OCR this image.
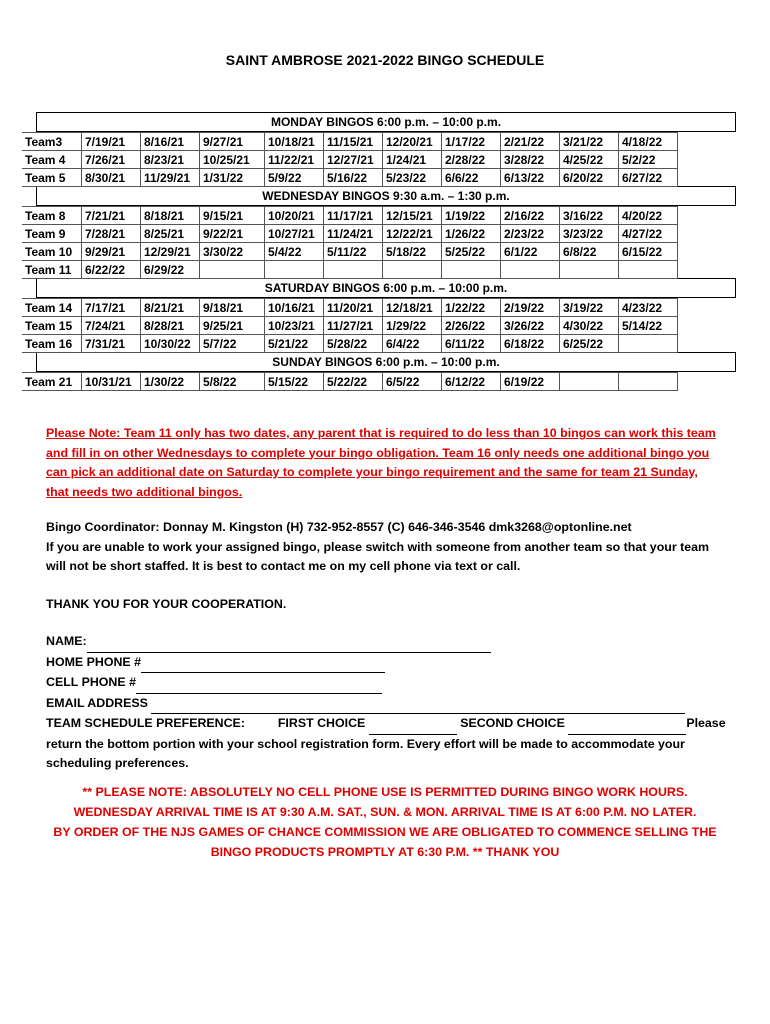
SAINT AMBROSE 2021-2022 BINGO SCHEDULE
MONDAY BINGOS 6:00 p.m. – 10:00 p.m.
Team3	7/19/21	8/16/21	9/27/21	10/18/21	11/15/21	12/20/21	1/17/22	2/21/22	3/21/22	4/18/22
Team 4	7/26/21	8/23/21	10/25/21	11/22/21	12/27/21	1/24/21	2/28/22	3/28/22	4/25/22	5/2/22
Team 5	8/30/21	11/29/21	1/31/22	5/9/22	5/16/22	5/23/22	6/6/22	6/13/22	6/20/22	6/27/22
WEDNESDAY BINGOS 9:30 a.m. – 1:30 p.m.
Team 8	7/21/21	8/18/21	9/15/21	10/20/21	11/17/21	12/15/21	1/19/22	2/16/22	3/16/22	4/20/22
Team 9	7/28/21	8/25/21	9/22/21	10/27/21	11/24/21	12/22/21	1/26/22	2/23/22	3/23/22	4/27/22
Team 10	9/29/21	12/29/21	3/30/22	5/4/22	5/11/22	5/18/22	5/25/22	6/1/22	6/8/22	6/15/22
Team 11	6/22/22	6/29/22
SATURDAY BINGOS 6:00 p.m. – 10:00 p.m.
Team 14	7/17/21	8/21/21	9/18/21	10/16/21	11/20/21	12/18/21	1/22/22	2/19/22	3/19/22	4/23/22
Team 15	7/24/21	8/28/21	9/25/21	10/23/21	11/27/21	1/29/22	2/26/22	3/26/22	4/30/22	5/14/22
Team 16	7/31/21	10/30/22	5/7/22	5/21/22	5/28/22	6/4/22	6/11/22	6/18/22	6/25/22
SUNDAY BINGOS 6:00 p.m. – 10:00 p.m.
Team 21	10/31/21	1/30/22	5/8/22	5/15/22	5/22/22	6/5/22	6/12/22	6/19/22
Please Note: Team 11 only has two dates, any parent that is required to do less than 10 bingos can work this team and fill in on other Wednesdays to complete your bingo obligation. Team 16 only needs one additional bingo you can pick an additional date on Saturday to complete your bingo requirement and the same for team 21 Sunday, that needs two additional bingos.
Bingo Coordinator: Donnay M. Kingston (H) 732-952-8557 (C) 646-346-3546 dmk3268@optonline.net
If you are unable to work your assigned bingo, please switch with someone from another team so that your team will not be short staffed. It is best to contact me on my cell phone via text or call.
THANK YOU FOR YOUR COOPERATION.
NAME:
HOME PHONE #
CELL PHONE #
EMAIL ADDRESS
TEAM SCHEDULE PREFERENCE:	FIRST CHOICE	SECOND CHOICE	Please return the bottom portion with your school registration form. Every effort will be made to accommodate your scheduling preferences.
** PLEASE NOTE: ABSOLUTELY NO CELL PHONE USE IS PERMITTED DURING BINGO WORK HOURS.
WEDNESDAY ARRIVAL TIME IS AT 9:30 A.M. SAT., SUN. & MON. ARRIVAL TIME IS AT 6:00 P.M. NO LATER.
BY ORDER OF THE NJS GAMES OF CHANCE COMMISSION WE ARE OBLIGATED TO COMMENCE SELLING THE BINGO PRODUCTS PROMPTLY AT 6:30 P.M. ** THANK YOU
